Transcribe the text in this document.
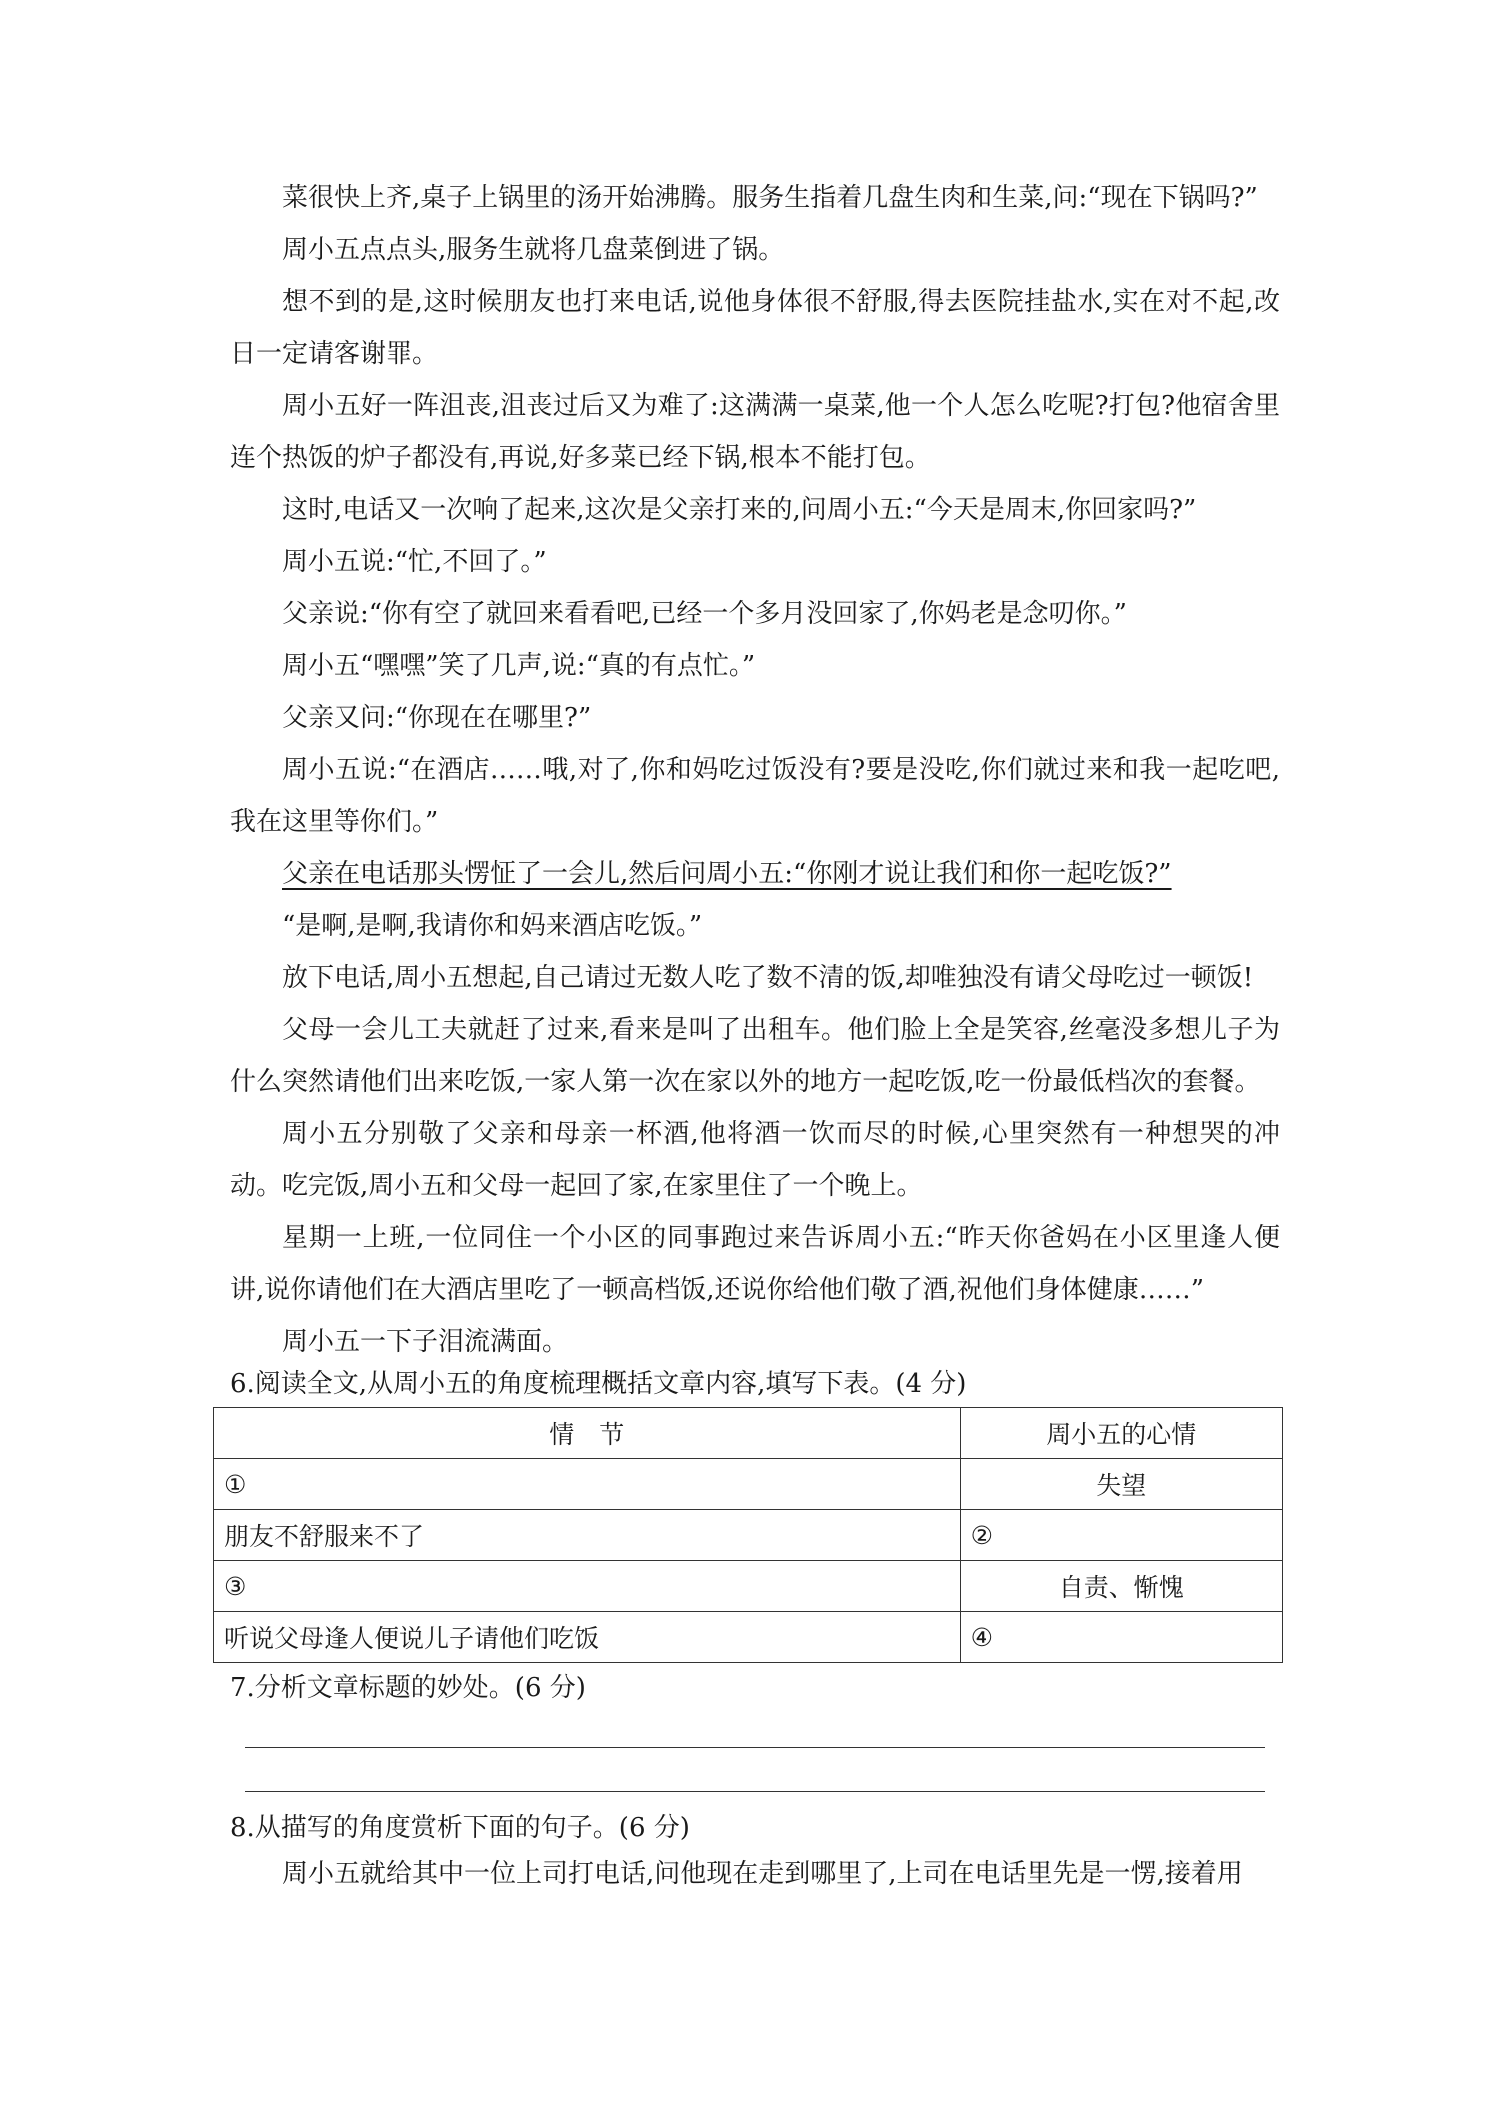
菜很快上齐,桌子上锅里的汤开始沸腾。服务生指着几盘生肉和生菜,问:“现在下锅吗?”

周小五点点头,服务生就将几盘菜倒进了锅。

想不到的是,这时候朋友也打来电话,说他身体很不舒服,得去医院挂盐水,实在对不起,改日一定请客谢罪。

周小五好一阵沮丧,沮丧过后又为难了:这满满一桌菜,他一个人怎么吃呢?打包?他宿舍里连个热饭的炉子都没有,再说,好多菜已经下锅,根本不能打包。

这时,电话又一次响了起来,这次是父亲打来的,问周小五:“今天是周末,你回家吗?”

周小五说:“忙,不回了。”

父亲说:“你有空了就回来看看吧,已经一个多月没回家了,你妈老是念叨你。”

周小五“嘿嘿”笑了几声,说:“真的有点忙。”

父亲又问:“你现在在哪里?”

周小五说:“在酒店……哦,对了,你和妈吃过饭没有?要是没吃,你们就过来和我一起吃吧,我在这里等你们。”

父亲在电话那头愣怔了一会儿,然后问周小五:“你刚才说让我们和你一起吃饭?”

“是啊,是啊,我请你和妈来酒店吃饭。”

放下电话,周小五想起,自己请过无数人吃了数不清的饭,却唯独没有请父母吃过一顿饭!

父母一会儿工夫就赶了过来,看来是叫了出租车。他们脸上全是笑容,丝毫没多想儿子为什么突然请他们出来吃饭,一家人第一次在家以外的地方一起吃饭,吃一份最低档次的套餐。

周小五分别敬了父亲和母亲一杯酒,他将酒一饮而尽的时候,心里突然有一种想哭的冲动。 吃完饭,周小五和父母一起回了家,在家里住了一个晚上。

星期一上班,一位同住一个小区的同事跑过来告诉周小五:“昨天你爸妈在小区里逢人便讲,说你请他们在大酒店里吃了一顿高档饭,还说你给他们敬了酒,祝他们身体健康……”

周小五一下子泪流满面。

6.阅读全文,从周小五的角度梳理概括文章内容,填写下表。(4 分)

情　节	周小五的心情
①	失望
朋友不舒服来不了	②
③	自责、惭愧
听说父母逢人便说儿子请他们吃饭	④

7.分析文章标题的妙处。(6 分)

8.从描写的角度赏析下面的句子。(6 分)

周小五就给其中一位上司打电话,问他现在走到哪里了,上司在电话里先是一愣,接着用
